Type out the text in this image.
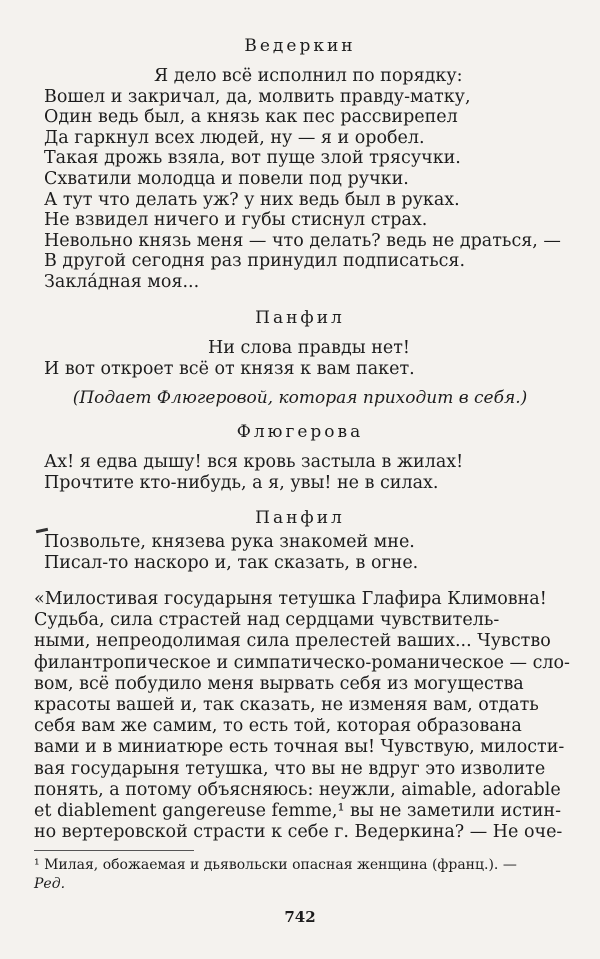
Ведеркин
Я дело всё исполнил по порядку:
Вошел и закричал, да, молвить правду-матку,
Один ведь был, а князь как пес рассвирепел
Да гаркнул всех людей, ну — я и оробел.
Такая дрожь взяла, вот пуще злой трясучки.
Схватили молодца и повели под ручки.
А тут что делать уж? у них ведь был в руках.
Не взвидел ничего и губы стиснул страх.
Невольно князь меня — что делать? ведь не драться, —
В другой сегодня раз принудил подписаться.
Закла́дная моя...
Панфил
Ни слова правды нет!
И вот откроет всё от князя к вам пакет.
(Подает Флюгеровой, которая приходит в себя.)
Флюгерова
Ах! я едва дышу! вся кровь застыла в жилах!
Прочтите кто-нибудь, а я, увы! не в силах.
Панфил
Позвольте, князева рука знакомей мне.
Писал-то наскоро и, так сказать, в огне.
«Милостивая государыня тетушка Глафира Климовна!
Судьба, сила страстей над сердцами чувствитель-
ными, непреодолимая сила прелестей ваших... Чувство
филантропическое и симпатическо-романическое — сло-
вом, всё побудило меня вырвать себя из могущества
красоты вашей и, так сказать, не изменяя вам, отдать
себя вам же самим, то есть той, которая образована
вами и в миниатюре есть точная вы! Чувствую, милости-
вая государыня тетушка, что вы не вдруг это изволите
понять, а потому объясняюсь: неужли, aimable, adorable
et diablement gangereuse femme,¹ вы не заметили истин-
но вертеровской страсти к себе г. Ведеркина? — Не оче-
¹ Милая, обожаемая и дьявольски опасная женщина (франц.). —
Ред.
742
